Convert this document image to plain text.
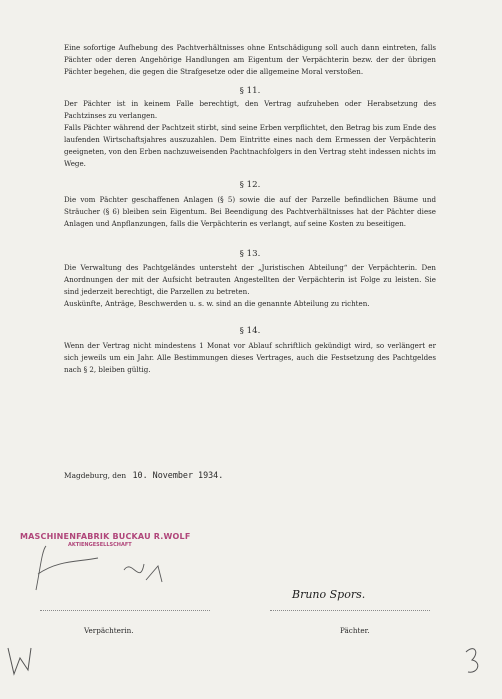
Eine sofortige Aufhebung des Pachtverhältnisses ohne Entschädigung soll auch dann eintreten, falls Pächter oder deren Angehörige Handlungen am Eigentum der Verpächterin bezw. der der übrigen Pächter begehen, die gegen die Strafgesetze oder die allgemeine Moral verstoßen.
§ 11.
Der Pächter ist in keinem Falle berechtigt, den Vertrag aufzuheben oder Herabsetzung des Pachtzinses zu verlangen.
Falls Pächter während der Pachtzeit stirbt, sind seine Erben verpflichtet, den Betrag bis zum Ende des laufenden Wirtschaftsjahres auszuzahlen. Dem Eintritte eines nach dem Ermessen der Verpächterin geeigneten, von den Erben nachzuweisenden Pachtnachfolgers in den Vertrag steht indessen nichts im Wege.
§ 12.
Die vom Pächter geschaffenen Anlagen (§ 5) sowie die auf der Parzelle befindlichen Bäume und Sträucher (§ 6) bleiben sein Eigentum. Bei Beendigung des Pachtverhältnisses hat der Pächter diese Anlagen und Anpflanzungen, falls die Verpächterin es verlangt, auf seine Kosten zu beseitigen.
§ 13.
Die Verwaltung des Pachtgeländes untersteht der „Juristischen Abteilung“ der Verpächterin. Den Anordnungen der mit der Aufsicht betrauten Angestellten der Verpächterin ist Folge zu leisten. Sie sind jederzeit berechtigt, die Parzellen zu betreten.
Auskünfte, Anträge, Beschwerden u. s. w. sind an die genannte Abteilung zu richten.
§ 14.
Wenn der Vertrag nicht mindestens 1 Monat vor Ablauf schriftlich gekündigt wird, so verlängert er sich jeweils um ein Jahr. Alle Bestimmungen dieses Vertrages, auch die Festsetzung des Pachtgeldes nach § 2, bleiben gültig.
Magdeburg, den 10. November 1934.
MASCHINENFABRIK BUCKAU R.WOLF
AKTIENGESELLSCHAFT
Bruno Spors.
Verpächterin.	Pächter.
